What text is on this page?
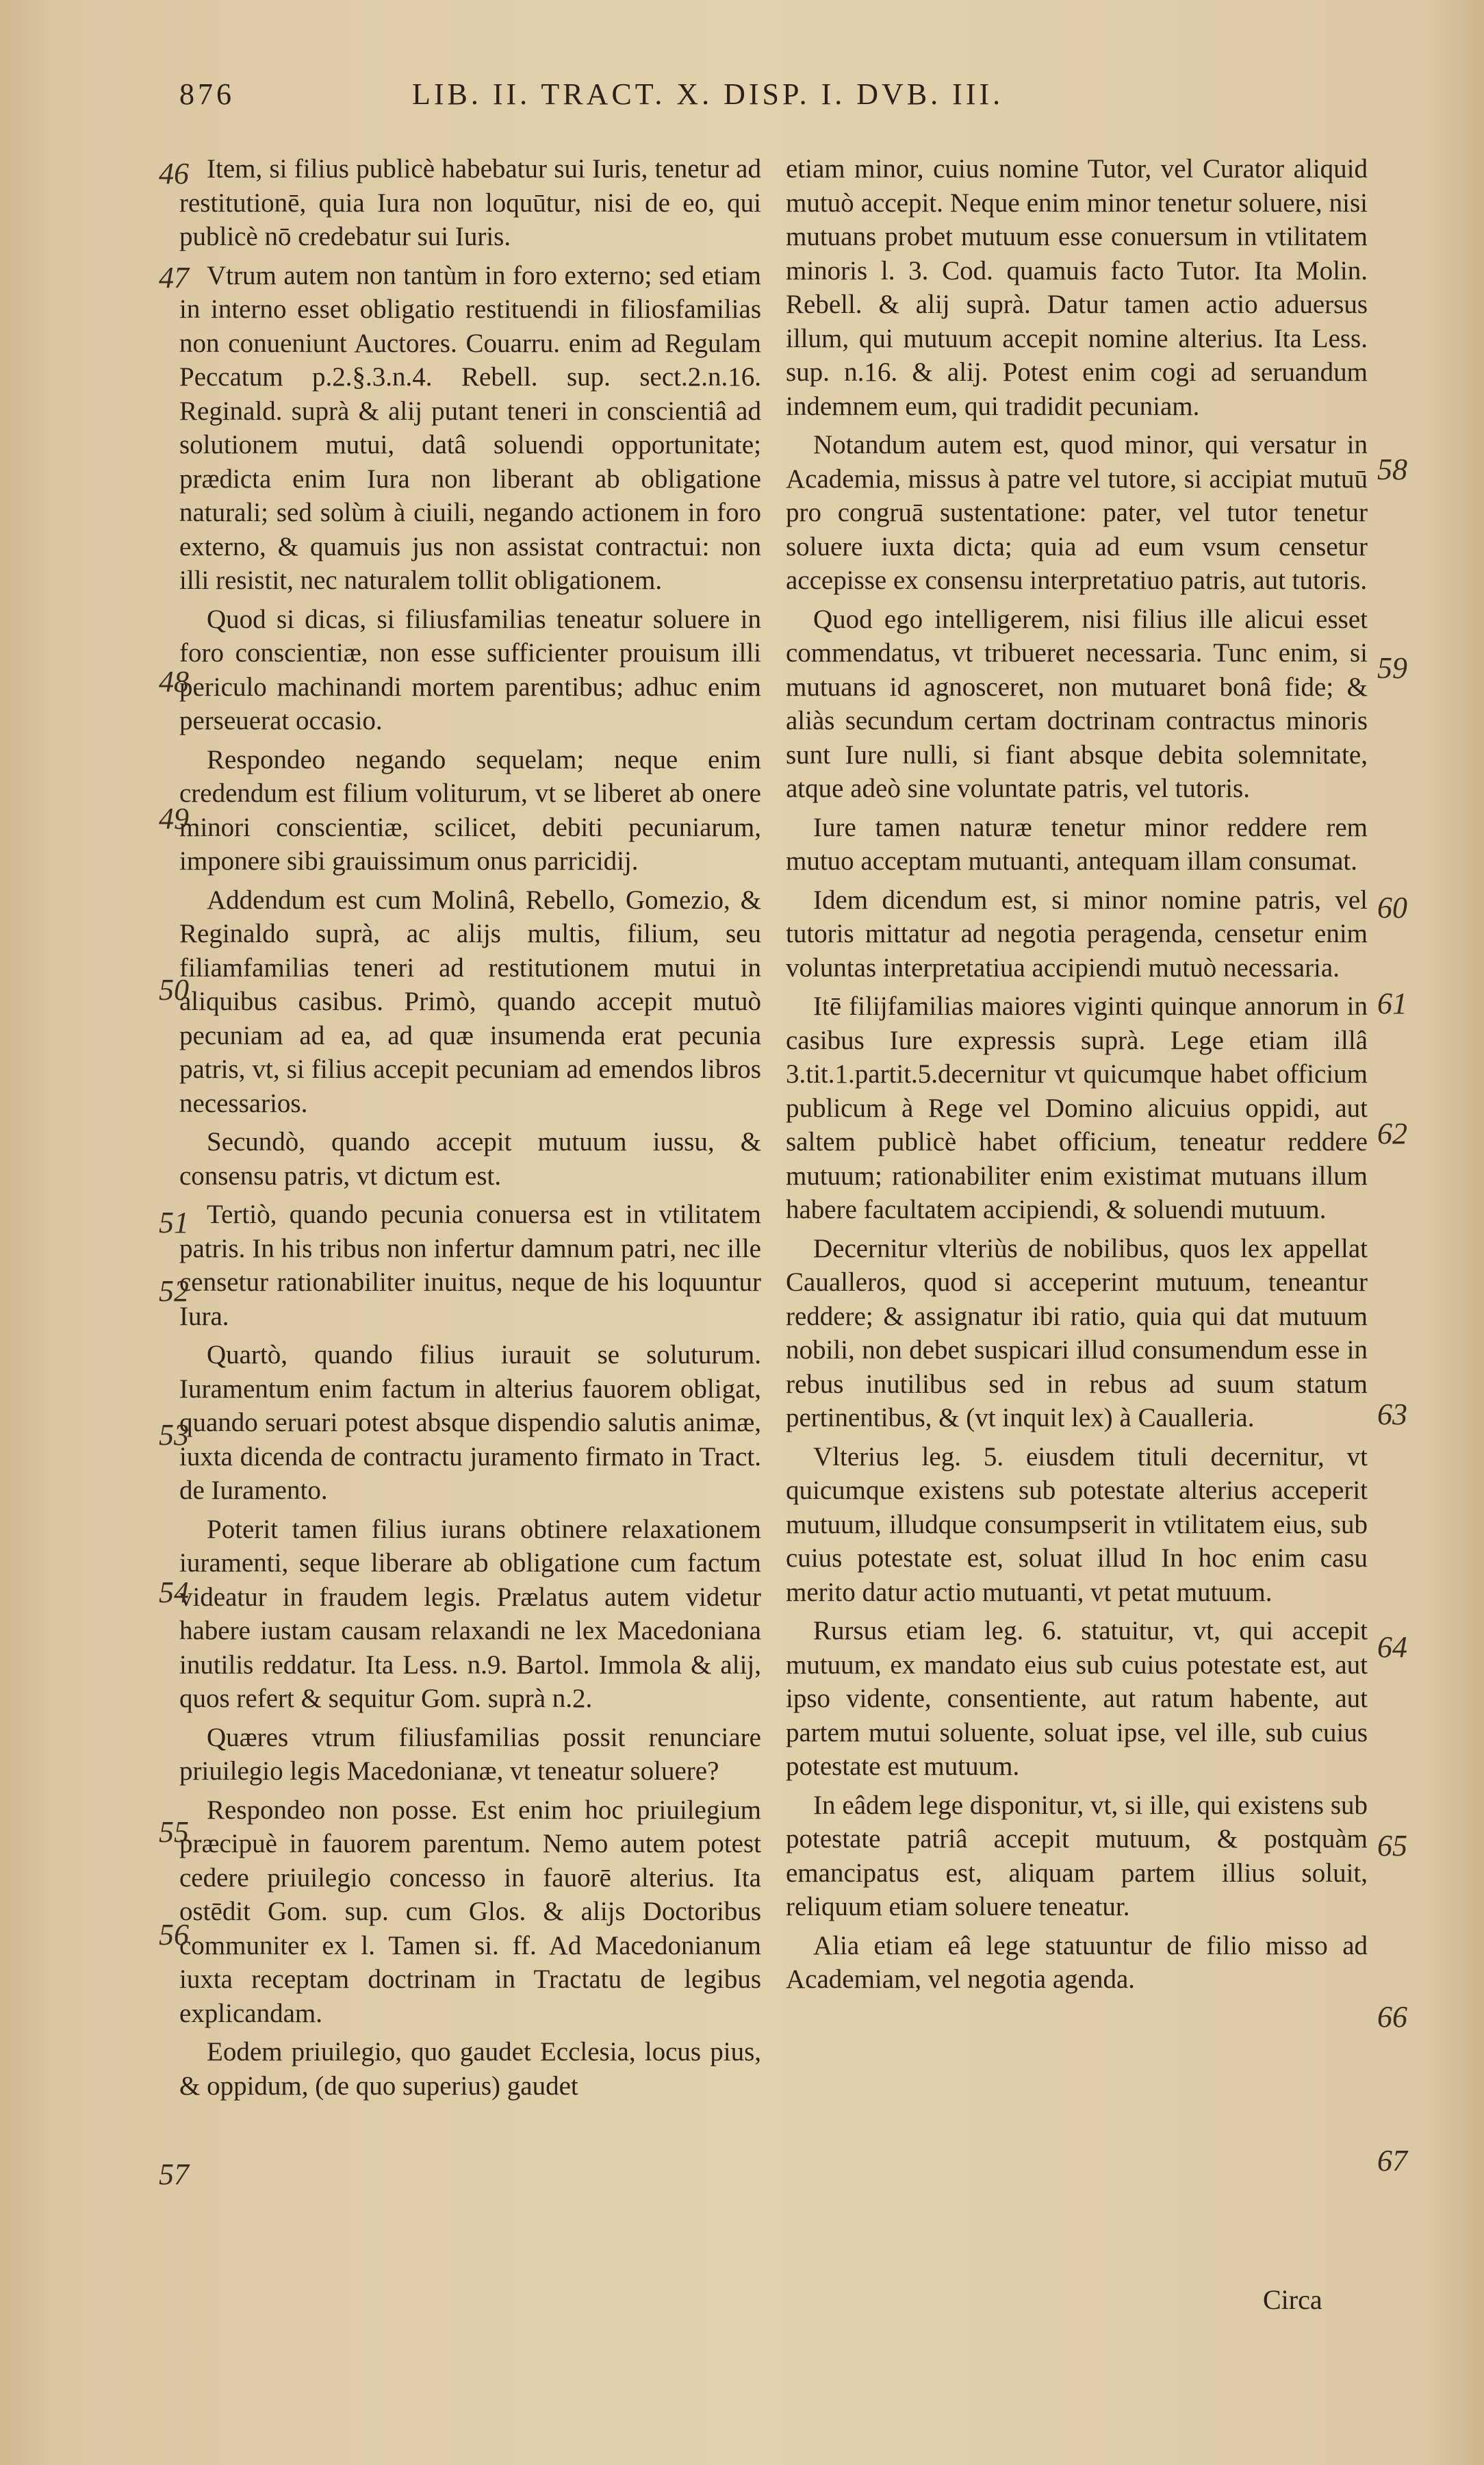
876	LIB. II. TRACT. X. DISP. I. DVB. III.

Item, si filius publicè habebatur sui Iuris, tenetur ad restitutionē, quia Iura non loquūtur, nisi de eo, qui publicè nō credebatur sui Iuris.

Vtrum autem non tantùm in foro externo; sed etiam in interno esset obligatio restituendi in filiosfamilias non conueniunt Auctores. Couarru. enim ad Regulam Peccatum p.2.§.3.n.4. Rebell. sup. sect.2.n.16. Reginald. suprà & alij putant teneri in conscientiâ ad solutionem mutui, datâ soluendi opportunitate; prædicta enim Iura non liberant ab obligatione naturali; sed solùm à ciuili, negando actionem in foro externo, & quamuis jus non assistat contractui: non illi resistit, nec naturalem tollit obligationem.

Quod si dicas, si filiusfamilias teneatur soluere in foro conscientiæ, non esse sufficienter prouisum illi periculo machinandi mortem parentibus; adhuc enim perseuerat occasio.

Respondeo negando sequelam; neque enim credendum est filium voliturum, vt se liberet ab onere minori conscientiæ, scilicet, debiti pecuniarum, imponere sibi grauissimum onus parricidij.

Addendum est cum Molinâ, Rebello, Gomezio, & Reginaldo suprà, ac alijs multis, filium, seu filiamfamilias teneri ad restitutionem mutui in aliquibus casibus. Primò, quando accepit mutuò pecuniam ad ea, ad quæ insumenda erat pecunia patris, vt, si filius accepit pecuniam ad emendos libros necessarios.

Secundò, quando accepit mutuum iussu, & consensu patris, vt dictum est.

Tertiò, quando pecunia conuersa est in vtilitatem patris. In his tribus non infertur damnum patri, nec ille censetur rationabiliter inuitus, neque de his loquuntur Iura.

Quartò, quando filius iurauit se soluturum. Iuramentum enim factum in alterius fauorem obligat, quando seruari potest absque dispendio salutis animæ, iuxta dicenda de contractu juramento firmato in Tract. de Iuramento.

Poterit tamen filius iurans obtinere relaxationem iuramenti, seque liberare ab obligatione cum factum videatur in fraudem legis. Prælatus autem videtur habere iustam causam relaxandi ne lex Macedoniana inutilis reddatur. Ita Less. n.9. Bartol. Immola & alij, quos refert & sequitur Gom. suprà n.2.

Quæres vtrum filiusfamilias possit renunciare priuilegio legis Macedonianæ, vt teneatur soluere?

Respondeo non posse. Est enim hoc priuilegium præcipuè in fauorem parentum. Nemo autem potest cedere priuilegio concesso in fauorē alterius. Ita ostēdit Gom. sup. cum Glos. & alijs Doctoribus communiter ex l. Tamen si. ff. Ad Macedonianum iuxta receptam doctrinam in Tractatu de legibus explicandam.

Eodem priuilegio, quo gaudet Ecclesia, locus pius, & oppidum, (de quo superius) gaudet

46
47
48
49
50
51
52
53
54
55
56
57

etiam minor, cuius nomine Tutor, vel Curator aliquid mutuò accepit. Neque enim minor tenetur soluere, nisi mutuans probet mutuum esse conuersum in vtilitatem minoris l. 3. Cod. quamuis facto Tutor. Ita Molin. Rebell. & alij suprà. Datur tamen actio aduersus illum, qui mutuum accepit nomine alterius. Ita Less. sup. n.16. & alij. Potest enim cogi ad seruandum indemnem eum, qui tradidit pecuniam.

Notandum autem est, quod minor, qui versatur in Academia, missus à patre vel tutore, si accipiat mutuū pro congruā sustentatione: pater, vel tutor tenetur soluere iuxta dicta; quia ad eum vsum censetur accepisse ex consensu interpretatiuo patris, aut tutoris.

Quod ego intelligerem, nisi filius ille alicui esset commendatus, vt tribueret necessaria. Tunc enim, si mutuans id agnosceret, non mutuaret bonâ fide; & aliàs secundum certam doctrinam contractus minoris sunt Iure nulli, si fiant absque debita solemnitate, atque adeò sine voluntate patris, vel tutoris.

Iure tamen naturæ tenetur minor reddere rem mutuo acceptam mutuanti, antequam illam consumat.

Idem dicendum est, si minor nomine patris, vel tutoris mittatur ad negotia peragenda, censetur enim voluntas interpretatiua accipiendi mutuò necessaria.

Itē filijfamilias maiores viginti quinque annorum in casibus Iure expressis suprà. Lege etiam illâ 3.tit.1.partit.5.decernitur vt quicumque habet officium publicum à Rege vel Domino alicuius oppidi, aut saltem publicè habet officium, teneatur reddere mutuum; rationabiliter enim existimat mutuans illum habere facultatem accipiendi, & soluendi mutuum.

Decernitur vlteriùs de nobilibus, quos lex appellat Caualleros, quod si acceperint mutuum, teneantur reddere; & assignatur ibi ratio, quia qui dat mutuum nobili, non debet suspicari illud consumendum esse in rebus inutilibus sed in rebus ad suum statum pertinentibus, & (vt inquit lex) à Caualleria.

Vlterius leg. 5. eiusdem tituli decernitur, vt quicumque existens sub potestate alterius acceperit mutuum, illudque consumpserit in vtilitatem eius, sub cuius potestate est, soluat illud In hoc enim casu merito datur actio mutuanti, vt petat mutuum.

Rursus etiam leg. 6. statuitur, vt, qui accepit mutuum, ex mandato eius sub cuius potestate est, aut ipso vidente, consentiente, aut ratum habente, aut partem mutui soluente, soluat ipse, vel ille, sub cuius potestate est mutuum.

In eâdem lege disponitur, vt, si ille, qui existens sub potestate patriâ accepit mutuum, & postquàm emancipatus est, aliquam partem illius soluit, reliquum etiam soluere teneatur.

Alia etiam eâ lege statuuntur de filio misso ad Academiam, vel negotia agenda.

58
59
60
61
62
63
64
65
66
67
Circa
